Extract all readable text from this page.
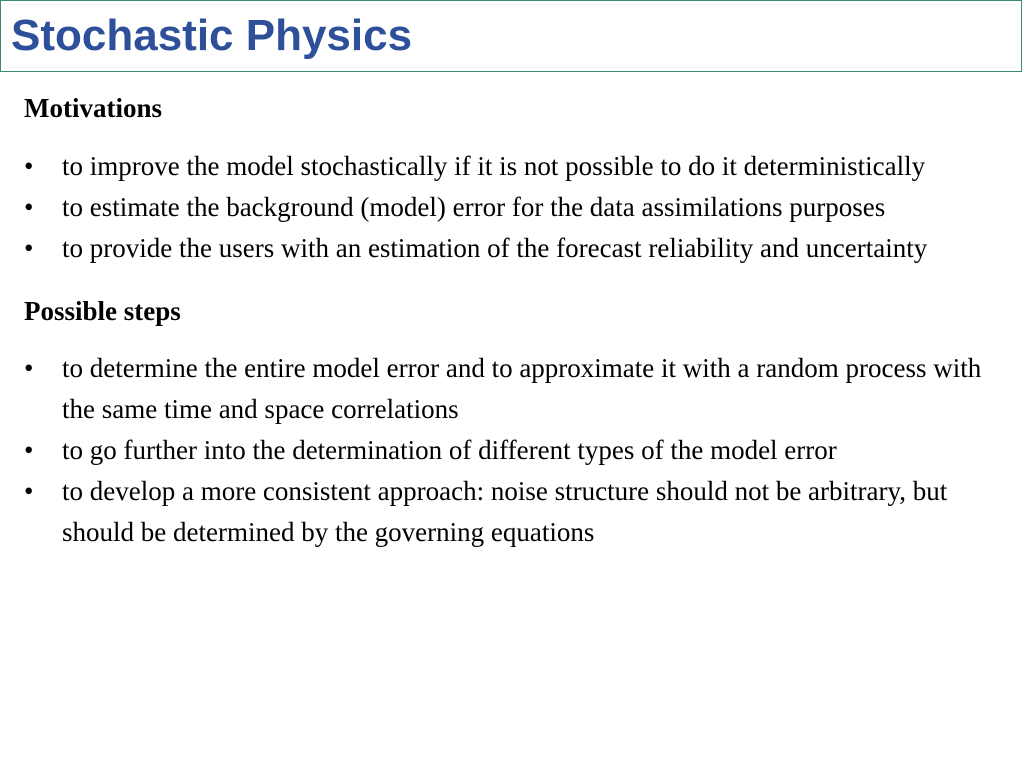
Stochastic Physics
Motivations
•	to improve the model stochastically if it is not possible to do it deterministically
•	to estimate the background (model) error for the data assimilations purposes
•	to provide the users with an estimation of the forecast reliability and uncertainty
Possible steps
•	to determine the entire model error and to approximate it with a random process with the same time and space correlations
•	to go further into the determination of different types of the model error
•	to develop a more consistent approach: noise structure should not be arbitrary, but should be determined by the governing equations
